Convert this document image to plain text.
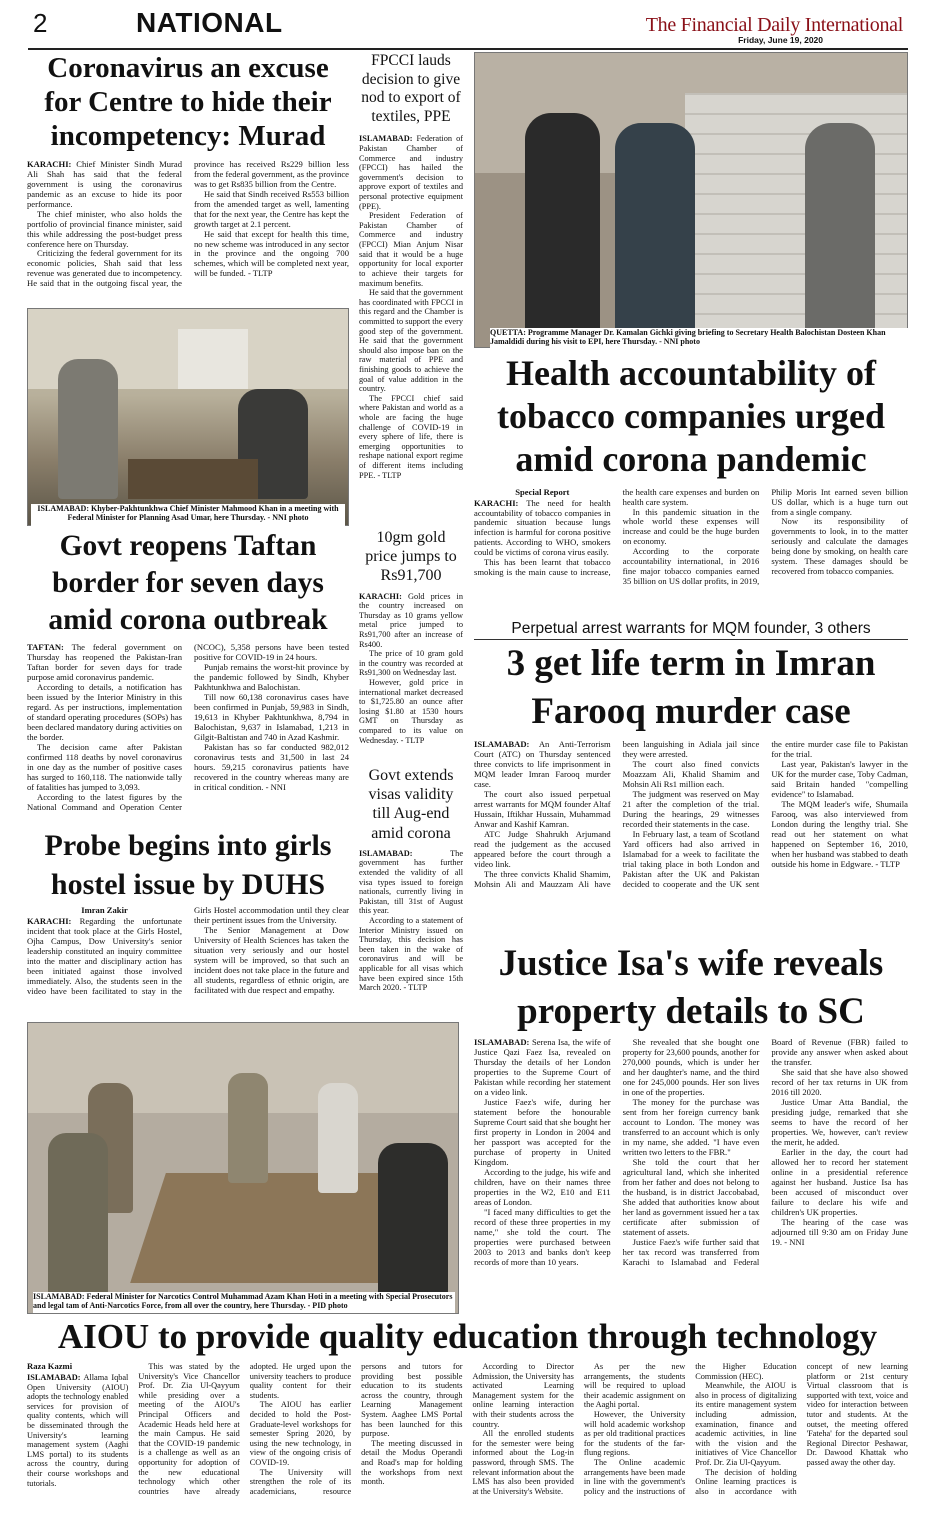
2	NATIONAL	The Financial Daily International
Friday, June 19, 2020
Coronavirus an excuse for Centre to hide their incompetency: Murad

KARACHI: Chief Minister Sindh Murad Ali Shah has said that the federal government is using the coronavirus pandemic as an excuse to hide its poor performance.

The chief minister, who also holds the portfolio of provincial finance minister, said this while addressing the post-budget press conference here on Thursday.

Criticizing the federal government for its economic policies, Shah said that less revenue was generated due to incompetency. He said that in the outgoing fiscal year, the province has received Rs229 billion less from the federal government, as the province was to get Rs835 billion from the Centre.

He said that Sindh received Rs553 billion from the amended target as well, lamenting that for the next year, the Centre has kept the growth target at 2.1 percent.

He said that except for health this time, no new scheme was introduced in any sector in the province and the ongoing 700 schemes, which will be completed next year, will be funded. - TLTP

ISLAMABAD: Khyber-Pakhtunkhwa Chief Minister Mahmood Khan in a meeting with Federal Minister for Planning Asad Umar, here Thursday. - NNI photo
FPCCI lauds decision to give nod to export of textiles, PPE

ISLAMABAD: Federation of Pakistan Chamber of Commerce and industry (FPCCI) has hailed the government's decision to approve export of textiles and personal protective equipment (PPE).

President Federation of Pakistan Chamber of Commerce and industry (FPCCI) Mian Anjum Nisar said that it would be a huge opportunity for local exporter to achieve their targets for maximum benefits.

He said that the government has coordinated with FPCCI in this regard and the Chamber is committed to support the every good step of the government. He said that the government should also impose ban on the raw material of PPE and finishing goods to achieve the goal of value addition in the country.

The FPCCI chief said where Pakistan and world as a whole are facing the huge challenge of COVID-19 in every sphere of life, there is emerging opportunities to reshape national export regime of different items including PPE. - TLTP

QUETTA: Programme Manager Dr. Kamalan Gichki giving briefing to Secretary Health Balochistan Dosteen Khan Jamaldidi during his visit to EPI, here Thursday. - NNI photo
Health accountability of tobacco companies urged amid corona pandemic
Special Report

KARACHI: The need for health accountability of tobacco companies in pandemic situation because lungs infection is harmful for corona positive patients. According to WHO, smokers could be victims of corona virus easily.

This has been learnt that tobacco smoking is the main cause to increase, the health care expenses and burden on health care system.

In this pandemic situation in the whole world these expenses will increase and could be the huge burden on economy.

According to the corporate accountability international, in 2016 fine major tobacco companies earned 35 billion on US dollar profits, in 2019, Philip Moris Int earned seven billion US dollar, which is a huge turn out from a single company.

Now its responsibility of governments to look, in to the matter seriously and calculate the damages being done by smoking, on health care system. These damages should be recovered from tobacco companies.

Govt reopens Taftan border for seven days amid corona outbreak

TAFTAN: The federal government on Thursday has reopened the Pakistan-Iran Taftan border for seven days for trade purpose amid coronavirus pandemic.

According to details, a notification has been issued by the Interior Ministry in this regard. As per instructions, implementation of standard operating procedures (SOPs) has been declared mandatory during activities on the border.

The decision came after Pakistan confirmed 118 deaths by novel coronavirus in one day as the number of positive cases has surged to 160,118. The nationwide tally of fatalities has jumped to 3,093.

According to the latest figures by the National Command and Operation Center (NCOC), 5,358 persons have been tested positive for COVID-19 in 24 hours.

Punjab remains the worst-hit province by the pandemic followed by Sindh, Khyber Pakhtunkhwa and Balochistan.

Till now 60,138 coronavirus cases have been confirmed in Punjab, 59,983 in Sindh, 19,613 in Khyber Pakhtunkhwa, 8,794 in Balochistan, 9,637 in Islamabad, 1,213 in Gilgit-Baltistan and 740 in Azad Kashmir.

Pakistan has so far conducted 982,012 coronavirus tests and 31,500 in last 24 hours. 59,215 coronavirus patients have recovered in the country whereas many are in critical condition. - NNI

10gm gold price jumps to Rs91,700

KARACHI: Gold prices in the country increased on Thursday as 10 grams yellow metal price jumped to Rs91,700 after an increase of Rs400.

The price of 10 gram gold in the country was recorded at Rs91,300 on Wednesday last.

However, gold price in international market decreased to $1,725.80 an ounce after losing $1.80 at 1530 hours GMT on Thursday as compared to its value on Wednesday. - TLTP

Perpetual arrest warrants for MQM founder, 3 others
3 get life term in Imran Farooq murder case

ISLAMABAD: An Anti-Terrorism Court (ATC) on Thursday sentenced three convicts to life imprisonment in MQM leader Imran Farooq murder case.

The court also issued perpetual arrest warrants for MQM founder Altaf Hussain, Iftikhar Hussain, Muhammad Anwar and Kashif Kamran.

ATC Judge Shahrukh Arjumand read the judgement as the accused appeared before the court through a video link.

The three convicts Khalid Shamim, Mohsin Ali and Mauzzam Ali have been languishing in Adiala jail since they were arrested.

The court also fined convicts Moazzam Ali, Khalid Shamim and Mohsin Ali Rs1 million each.

The judgment was reserved on May 21 after the completion of the trial. During the hearings, 29 witnesses recorded their statements in the case.

In February last, a team of Scotland Yard officers had also arrived in Islamabad for a week to facilitate the trial taking place in both London and Pakistan after the UK and Pakistan decided to cooperate and the UK sent the entire murder case file to Pakistan for the trial.

Last year, Pakistan's lawyer in the UK for the murder case, Toby Cadman, said Britain handed "compelling evidence" to Islamabad.

The MQM leader's wife, Shumaila Farooq, was also interviewed from London during the lengthy trial. She read out her statement on what happened on September 16, 2010, when her husband was stabbed to death outside his home in Edgware. - TLTP

Govt extends visas validity till Aug-end amid corona

ISLAMABAD: The government has further extended the validity of all visa types issued to foreign nationals, currently living in Pakistan, till 31st of August this year.

According to a statement of Interior Ministry issued on Thursday, this decision has been taken in the wake of coronavirus and will be applicable for all visas which have been expired since 15th March 2020. - TLTP

Probe begins into girls hostel issue by DUHS
Imran Zakir

KARACHI: Regarding the unfortunate incident that took place at the Girls Hostel, Ojha Campus, Dow University's senior leadership constituted an inquiry committee into the matter and disciplinary action has been initiated against those involved immediately. Also, the students seen in the video have been facilitated to stay in the Girls Hostel accommodation until they clear their pertinent issues from the University.

The Senior Management at Dow University of Health Sciences has taken the situation very seriously and our hostel system will be improved, so that such an incident does not take place in the future and all students, regardless of ethnic origin, are facilitated with due respect and empathy.

ISLAMABAD: Federal Minister for Narcotics Control Muhammad Azam Khan Hoti in a meeting with Special Prosecutors and legal tam of Anti-Narcotics Force, from all over the country, here Thursday. - PID photo
Justice Isa's wife reveals property details to SC

ISLAMABAD: Serena Isa, the wife of Justice Qazi Faez Isa, revealed on Thursday the details of her London properties to the Supreme Court of Pakistan while recording her statement on a video link.

Justice Faez's wife, during her statement before the honourable Supreme Court said that she bought her first property in London in 2004 and her passport was accepted for the purchase of property in United Kingdom.

According to the judge, his wife and children, have on their names three properties in the W2, E10 and E11 areas of London.

"I faced many difficulties to get the record of these three properties in my name," she told the court. The properties were purchased between 2003 to 2013 and banks don't keep records of more than 10 years.

She revealed that she bought one property for 23,600 pounds, another for 270,000 pounds, which is under her and her daughter's name, and the third one for 245,000 pounds. Her son lives in one of the properties.

The money for the purchase was sent from her foreign currency bank account to London. The money was transferred to an account which is only in my name, she added. "I have even written two letters to the FBR."

She told the court that her agricultural land, which she inherited from her father and does not belong to the husband, is in district Jaccobabad, She added that authorities know about her land as government issued her a tax certificate after submission of statement of assets.

Justice Faez's wife further said that her tax record was transferred from Karachi to Islamabad and Federal Board of Revenue (FBR) failed to provide any answer when asked about the transfer.

She said that she have also showed record of her tax returns in UK from 2016 till 2020.

Justice Umar Atta Bandial, the presiding judge, remarked that she seems to have the record of her properties. We, however, can't review the merit, he added.

Earlier in the day, the court had allowed her to record her statement online in a presidential reference against her husband. Justice Isa has been accused of misconduct over failure to declare his wife and children's UK properties.

The hearing of the case was adjourned till 9:30 am on Friday June 19. - NNI

AIOU to provide quality education through technology
Raza Kazmi

ISLAMABAD: Allama Iqbal Open University (AIOU) adopts the technology enabled services for provision of quality contents, which will be disseminated through the University's learning management system (Aaghi LMS portal) to its students across the country, during their course workshops and tutorials.

This was stated by the University's Vice Chancellor Prof. Dr. Zia Ul-Qayyum while presiding over a meeting of the AIOU's Principal Officers and Academic Heads held here at the main Campus. He said that the COVID-19 pandemic is a challenge as well as an opportunity for adoption of the new educational technology which other countries have already adopted. He urged upon the university teachers to produce quality content for their students.

The AIOU has earlier decided to hold the Post-Graduate-level workshops for semester Spring 2020, by using the new technology, in view of the ongoing crisis of COVID-19.

The University will strengthen the role of its academicians, resource persons and tutors for providing best possible education to its students across the country, through Learning Management System. Aaghee LMS Portal has been launched for this purpose.

The meeting discussed in detail the Modus Operandi and Road's map for holding the workshops from next month.

According to Director Admission, the University has activated Learning Management system for the online learning interaction with their students across the country.

All the enrolled students for the semester were being informed about the Log-in password, through SMS. The relevant information about the LMS has also been provided at the University's Website.

As per the new arrangements, the students will be required to upload their academic assignment on the Aaghi portal.

However, the University will hold academic workshop as per old traditional practices for the students of the far-flung regions.

The Online academic arrangements have been made in line with the government's policy and the instructions of the Higher Education Commission (HEC).

Meanwhile, the AIOU is also in process of digitalizing its entire management system including admission, examination, finance and academic activities, in line with the vision and the initiatives of Vice Chancellor Prof. Dr. Zia Ul-Qayyum.

The decision of holding Online learning practices is also in accordance with concept of new learning platform or 21st century Virtual classroom that is supported with text, voice and video for interaction between tutor and students. At the outset, the meeting offered 'Fateha' for the departed soul Regional Director Peshawar, Dr. Dawood Khattak who passed away the other day.
